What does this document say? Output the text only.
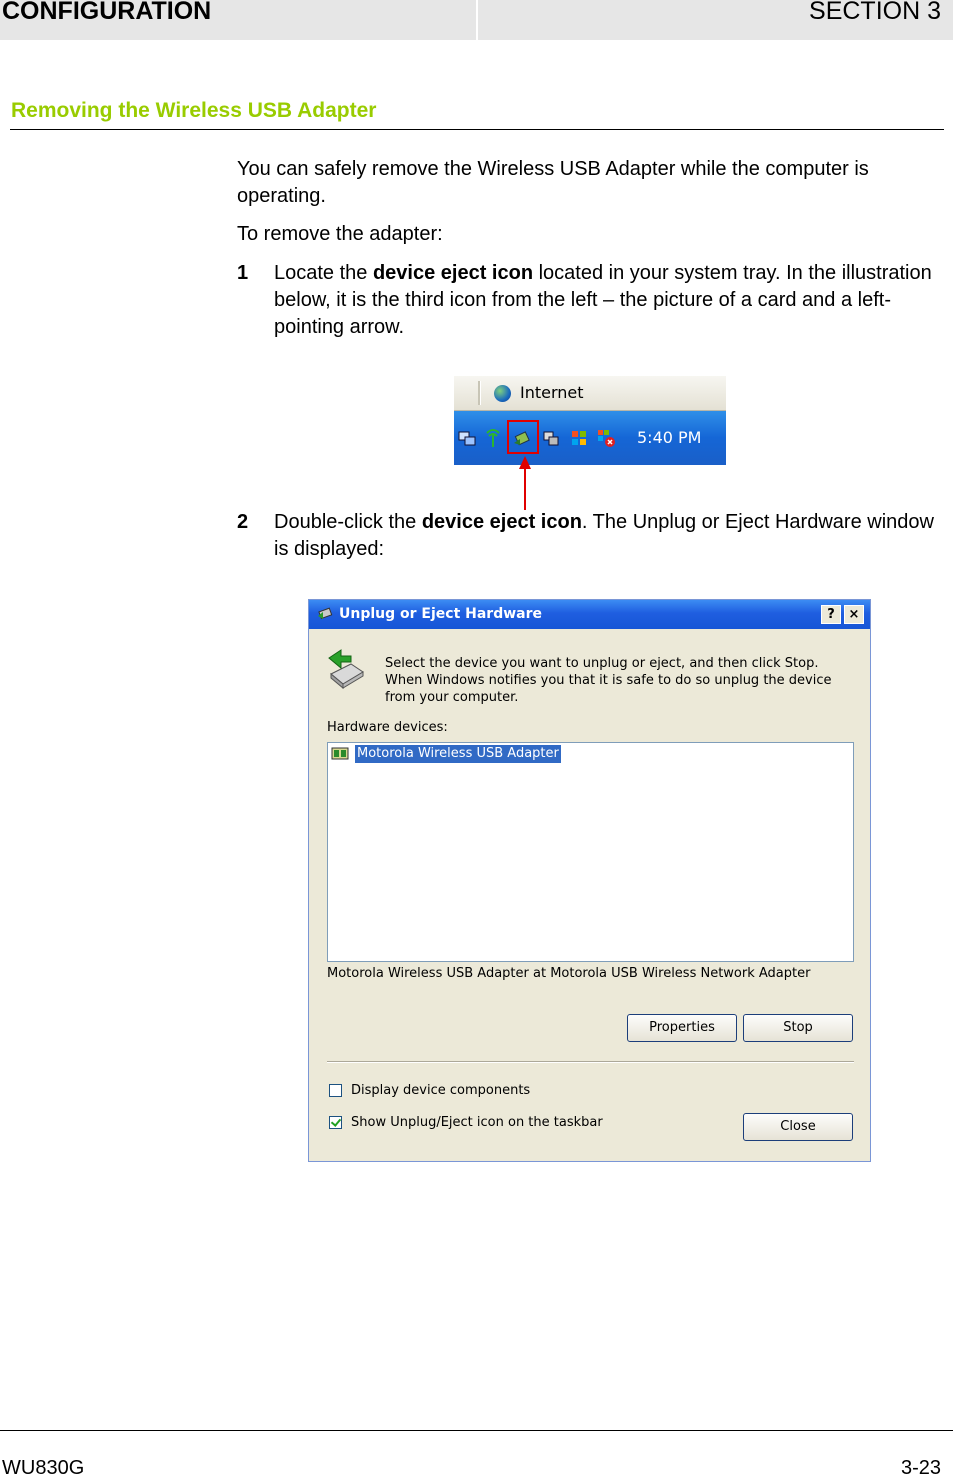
CONFIGURATION	SECTION 3
Removing the Wireless USB Adapter
You can safely remove the Wireless USB Adapter while the computer is operating.
To remove the adapter:
1 Locate the device eject icon located in your system tray. In the illustration below, it is the third icon from the left – the picture of a card and a left-pointing arrow.
Internet
5:40 PM
2 Double-click the device eject icon. The Unplug or Eject Hardware window is displayed:
Unplug or Eject Hardware	?	×
Select the device you want to unplug or eject, and then click Stop. When Windows notifies you that it is safe to do so unplug the device from your computer.
Hardware devices:
Motorola Wireless USB Adapter
Motorola Wireless USB Adapter at Motorola USB Wireless Network Adapter
Properties	Stop
Display device components
Show Unplug/Eject icon on the taskbar	Close
WU830G	3-23
